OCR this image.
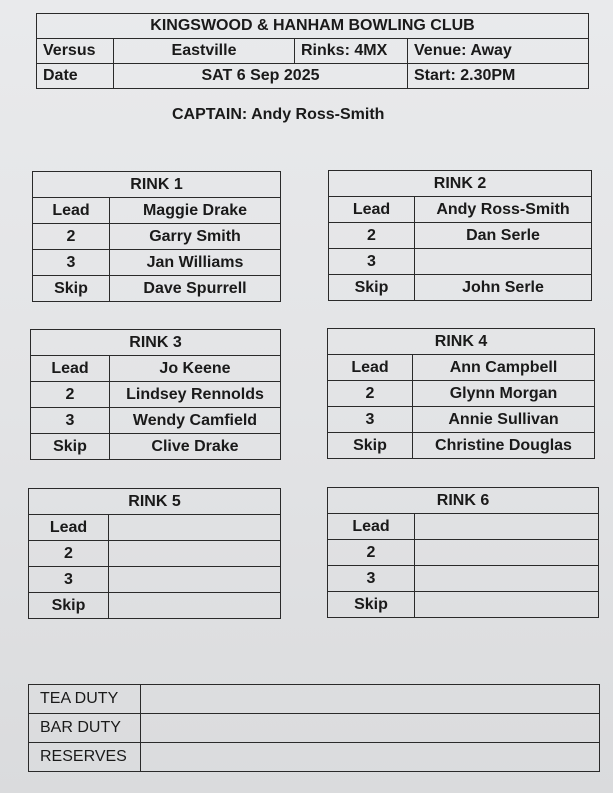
KINGSWOOD & HANHAM BOWLING CLUB			
Versus	Eastville	Rinks: 4MX	Venue: Away
Date	SAT 6 Sep 2025		Start: 2.30PM
CAPTAIN: Andy Ross-Smith
RINK 1	
Lead	Maggie Drake
2	Garry Smith
3	Jan Williams
Skip	Dave Spurrell
RINK 2	
Lead	Andy Ross-Smith
2	Dan Serle
3	
Skip	John Serle
RINK 3	
Lead	Jo Keene
2	Lindsey Rennolds
3	Wendy Camfield
Skip	Clive Drake
RINK 4	
Lead	Ann Campbell
2	Glynn Morgan
3	Annie Sullivan
Skip	Christine Douglas
RINK 5	
Lead	
2	
3	
Skip	
RINK 6	
Lead	
2	
3	
Skip	
TEA DUTY	
BAR DUTY	
RESERVES	
